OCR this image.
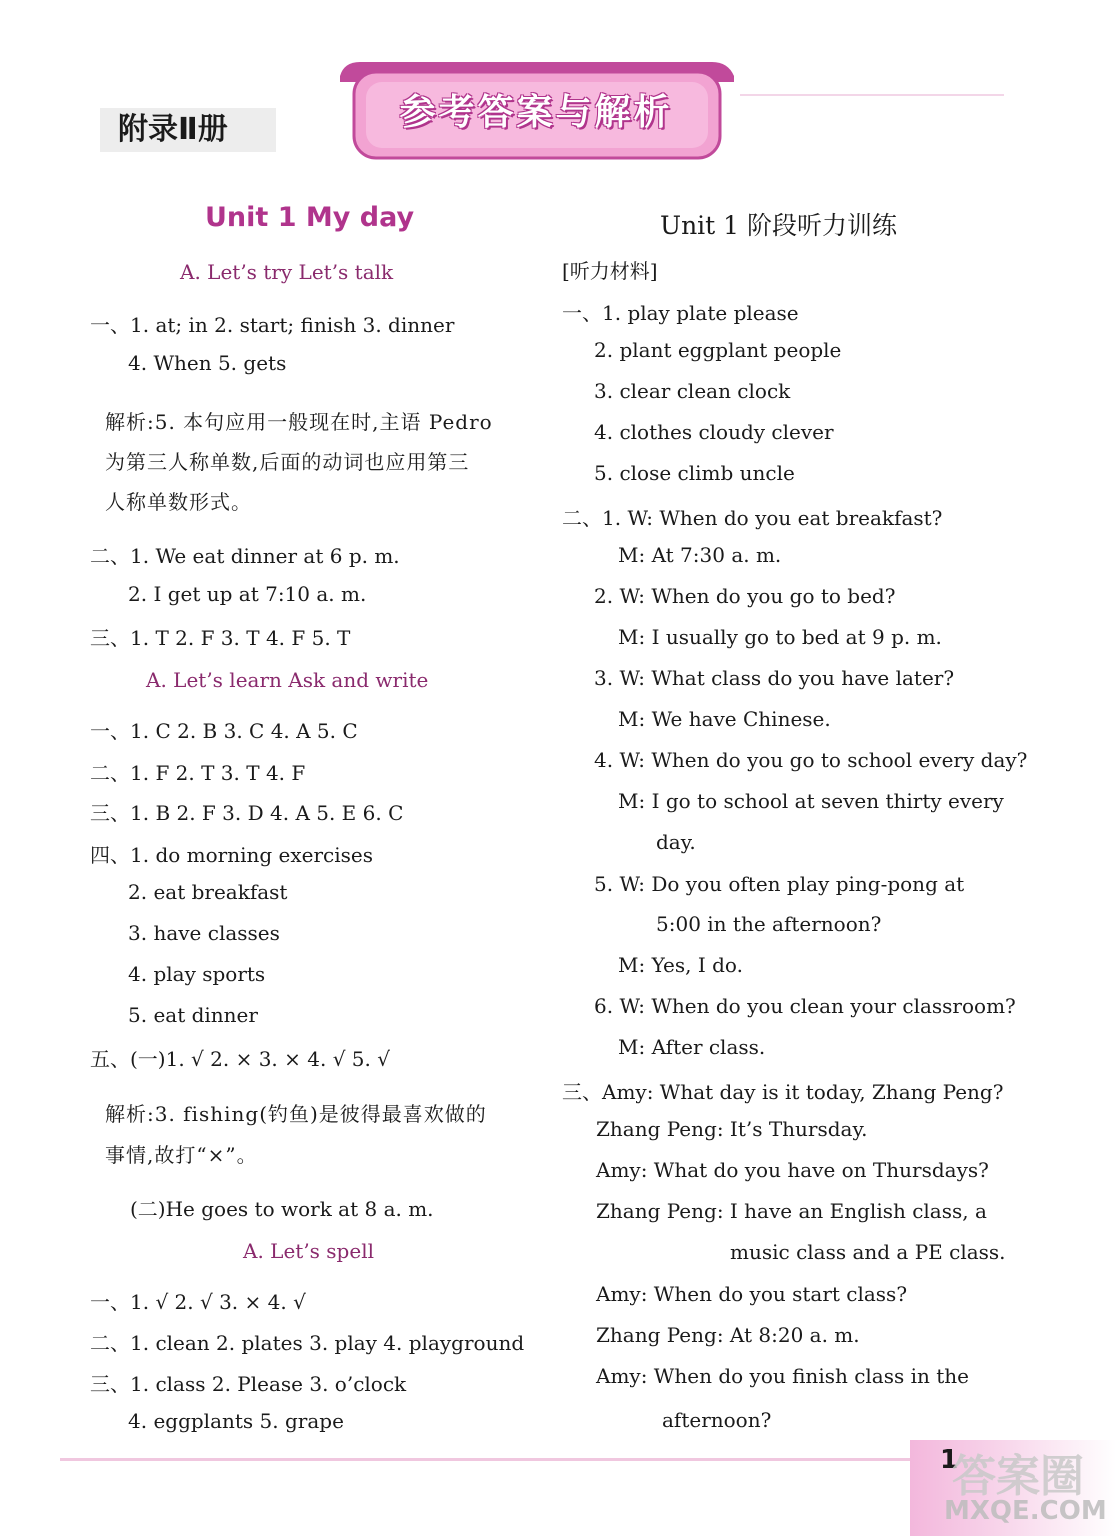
附录Ⅱ册	参考答案与解析
Unit 1 My day
A. Let’s try Let’s talk
一、1. at; in 2. start; finish 3. dinner
4. When 5. gets
解析:5. 本句应用一般现在时,主语 Pedro
为第三人称单数,后面的动词也应用第三
人称单数形式。
二、1. We eat dinner at 6 p. m.
2. I get up at 7:10 a. m.
三、1. T 2. F 3. T 4. F 5. T
A. Let’s learn Ask and write
一、1. C 2. B 3. C 4. A 5. C
二、1. F 2. T 3. T 4. F
三、1. B 2. F 3. D 4. A 5. E 6. C
四、1. do morning exercises
2. eat breakfast
3. have classes
4. play sports
5. eat dinner
五、(一)1. √ 2. × 3. × 4. √ 5. √
解析:3. fishing(钓鱼)是彼得最喜欢做的
事情,故打“×”。
(二)He goes to work at 8 a. m.
A. Let’s spell
一、1. √ 2. √ 3. × 4. √
二、1. clean 2. plates 3. play 4. playground
三、1. class 2. Please 3. o’clock
4. eggplants 5. grape
Unit 1 阶段听力训练
[听力材料]
一、1. play plate please
2. plant eggplant people
3. clear clean clock
4. clothes cloudy clever
5. close climb uncle
二、1. W: When do you eat breakfast?
M: At 7:30 a. m.
2. W: When do you go to bed?
M: I usually go to bed at 9 p. m.
3. W: What class do you have later?
M: We have Chinese.
4. W: When do you go to school every day?
M: I go to school at seven thirty every
day.
5. W: Do you often play ping-pong at
5:00 in the afternoon?
M: Yes, I do.
6. W: When do you clean your classroom?
M: After class.
三、Amy: What day is it today, Zhang Peng?
Zhang Peng: It’s Thursday.
Amy: What do you have on Thursdays?
Zhang Peng: I have an English class, a
music class and a PE class.
Amy: When do you start class?
Zhang Peng: At 8:20 a. m.
Amy: When do you finish class in the
afternoon?
1
答案圈
MXQE.COM
